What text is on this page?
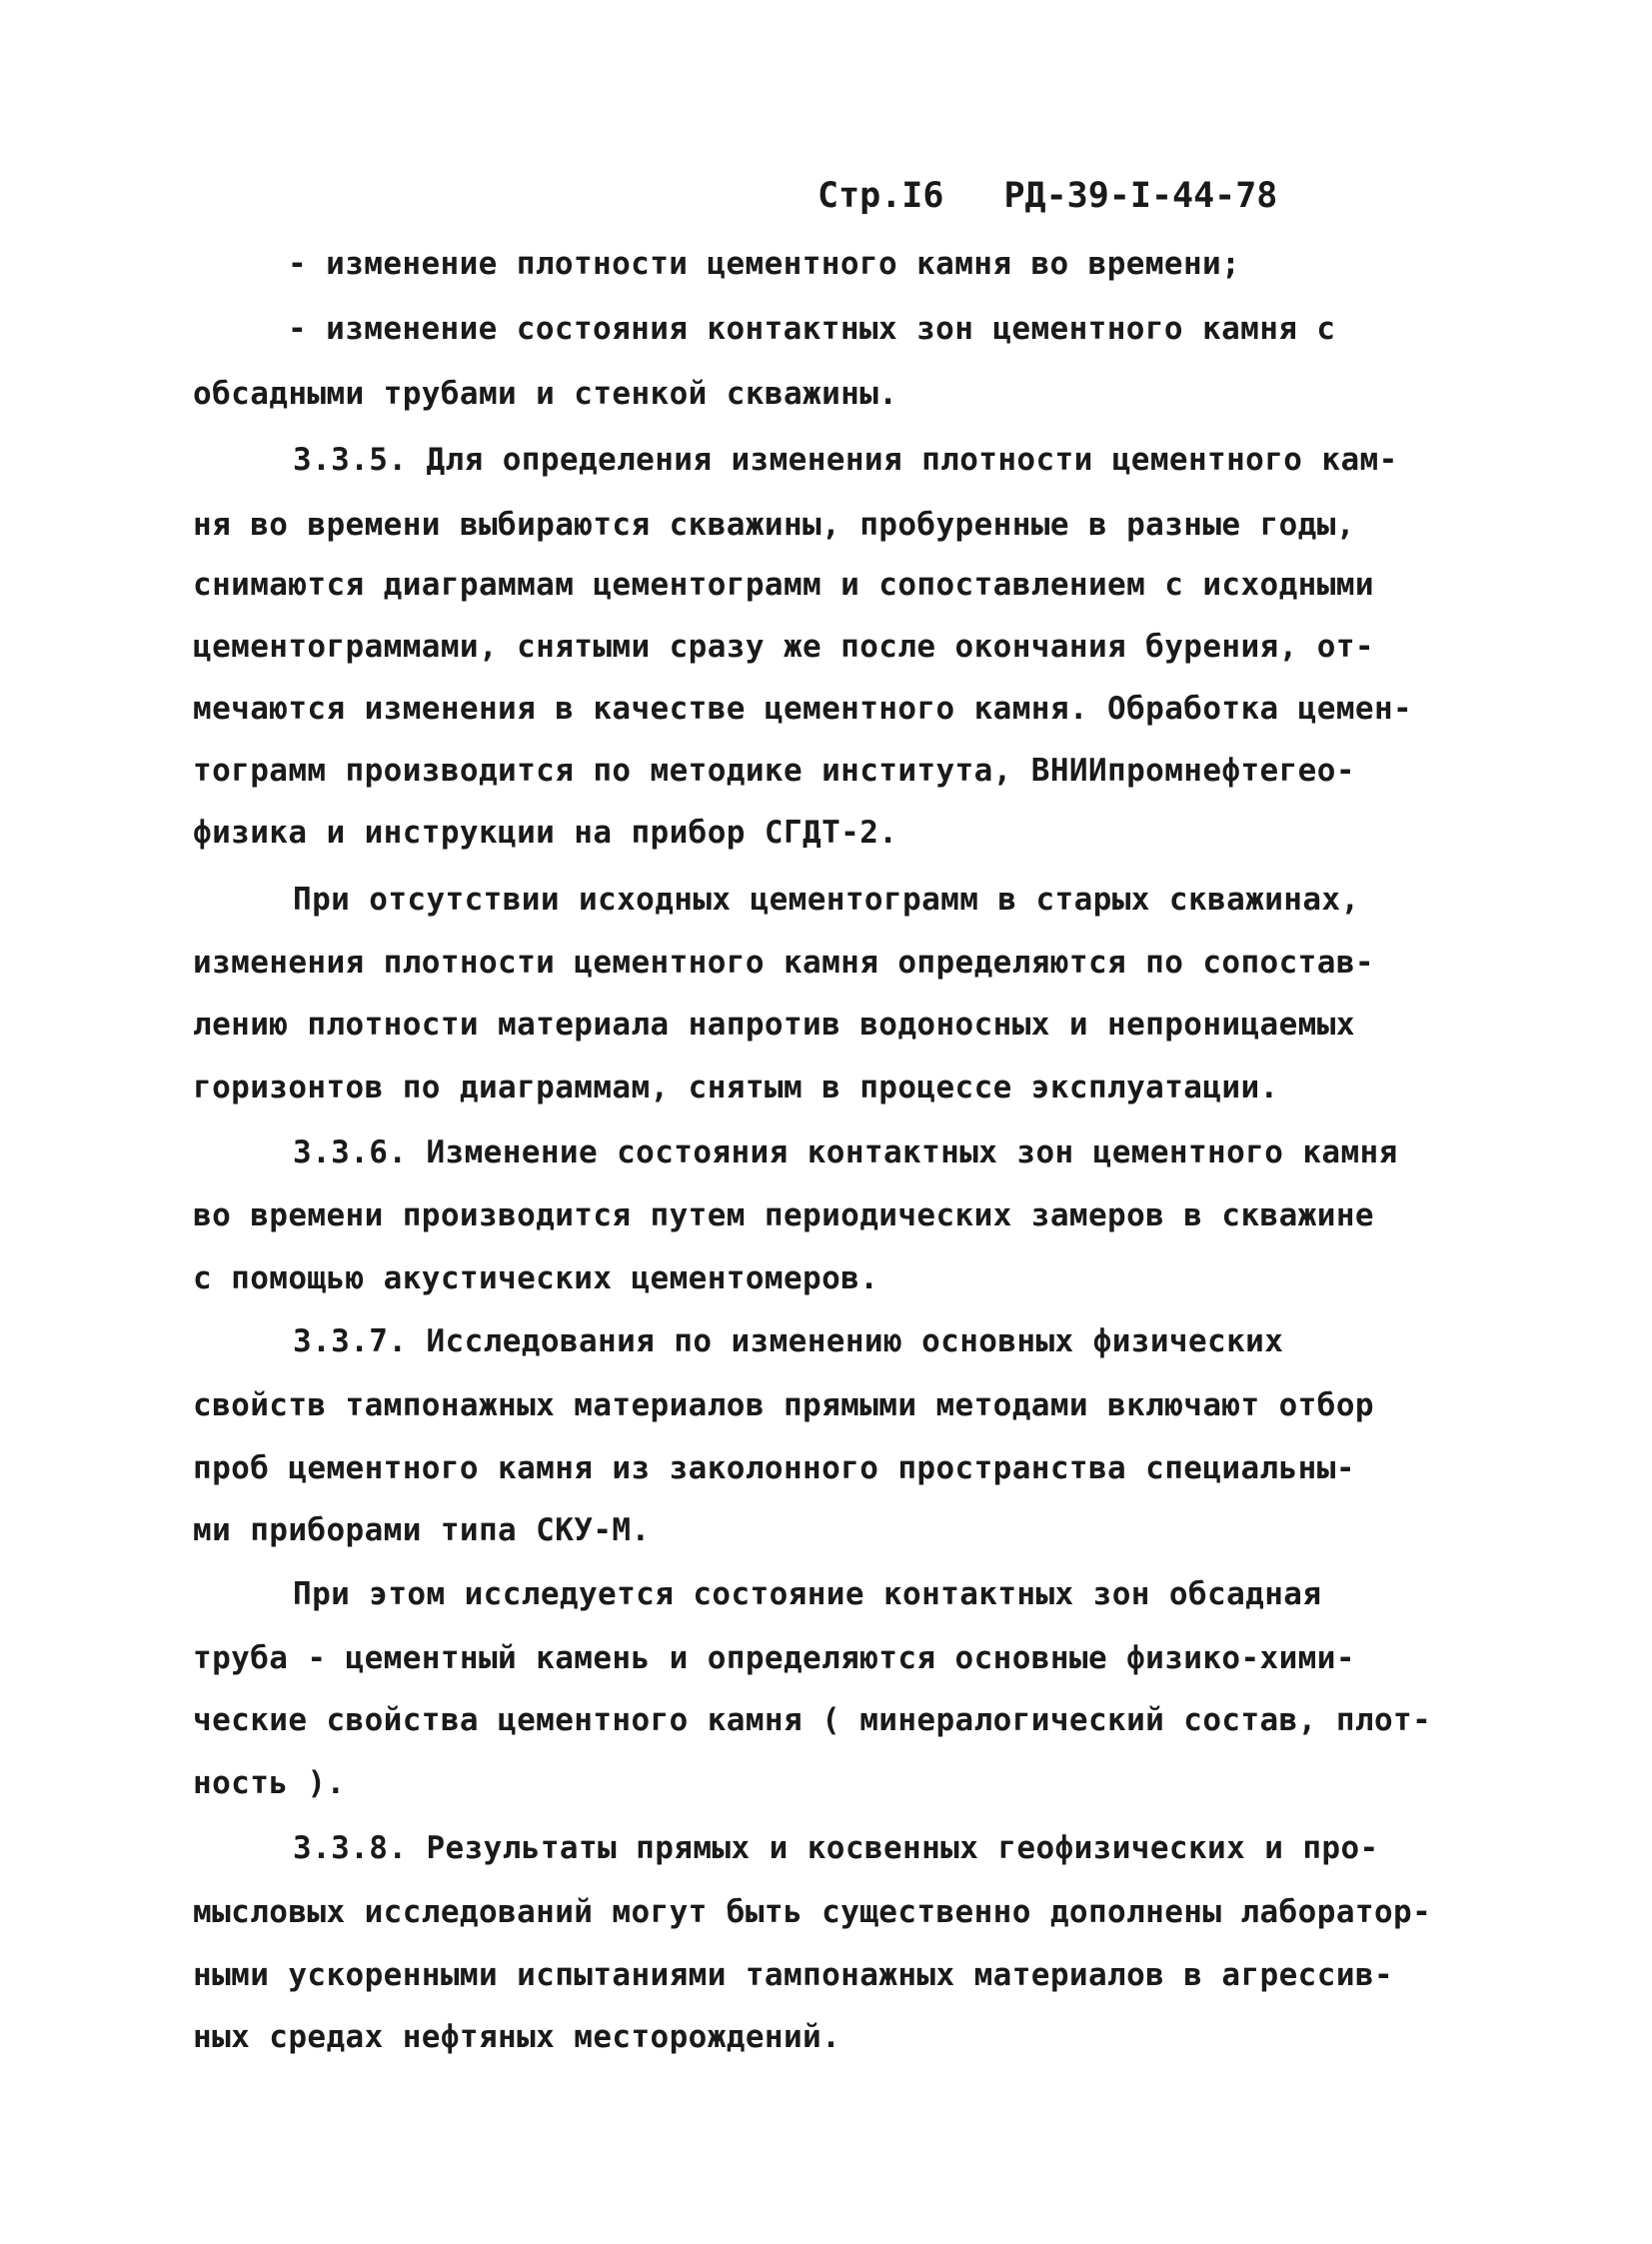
Стр.I6 РД-39-I-44-78
- изменение плотности цементного камня во времени;
- изменение состояния контактных зон цементного камня с
обсадными трубами и стенкой скважины.
3.3.5. Для определения изменения плотности цементного кам-
ня во времени выбираются скважины, пробуренные в разные годы,
снимаются диаграммам цементограмм и сопоставлением с исходными
цементограммами, снятыми сразу же после окончания бурения, от-
мечаются изменения в качестве цементного камня. Обработка цемен-
тограмм производится по методике института, ВНИИпромнефтегео-
физика и инструкции на прибор СГДТ-2.
При отсутствии исходных цементограмм в старых скважинах,
изменения плотности цементного камня определяются по сопостав-
лению плотности материала напротив водоносных и непроницаемых
горизонтов по диаграммам, снятым в процессе эксплуатации.
3.3.6. Изменение состояния контактных зон цементного камня
во времени производится путем периодических замеров в скважине
с помощью акустических цементомеров.
3.3.7. Исследования по изменению основных физических
свойств тампонажных материалов прямыми методами включают отбор
проб цементного камня из заколонного пространства специальны-
ми приборами типа СКУ-М.
При этом исследуется состояние контактных зон обсадная
труба - цементный камень и определяются основные физико-хими-
ческие свойства цементного камня ( минералогический состав, плот-
ность ).
3.3.8. Результаты прямых и косвенных геофизических и про-
мысловых исследований могут быть существенно дополнены лаборатор-
ными ускоренными испытаниями тампонажных материалов в агрессив-
ных средах нефтяных месторождений.
